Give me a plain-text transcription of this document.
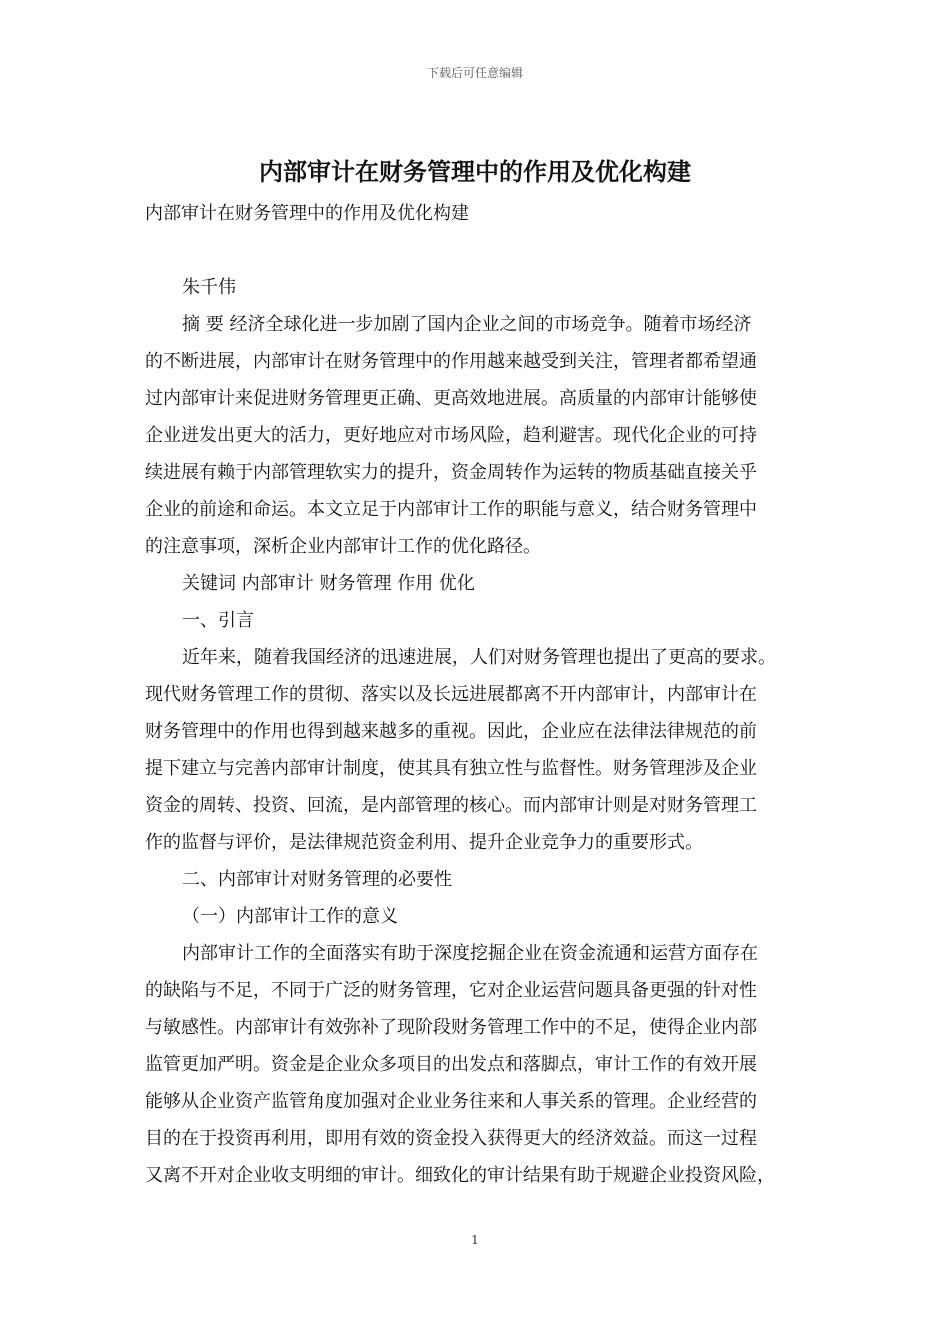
下载后可任意编辑
内部审计在财务管理中的作用及优化构建
内部审计在财务管理中的作用及优化构建
朱千伟
摘 要 经济全球化进一步加剧了国内企业之间的市场竞争。随着市场经济
的不断进展，内部审计在财务管理中的作用越来越受到关注，管理者都希望通
过内部审计来促进财务管理更正确、更高效地进展。高质量的内部审计能够使
企业迸发出更大的活力，更好地应对市场风险，趋利避害。现代化企业的可持
续进展有赖于内部管理软实力的提升，资金周转作为运转的物质基础直接关乎
企业的前途和命运。本文立足于内部审计工作的职能与意义，结合财务管理中
的注意事项，深析企业内部审计工作的优化路径。
关键词 内部审计 财务管理 作用 优化
一、引言
近年来，随着我国经济的迅速进展，人们对财务管理也提出了更高的要求。
现代财务管理工作的贯彻、落实以及长远进展都离不开内部审计，内部审计在
财务管理中的作用也得到越来越多的重视。因此，企业应在法律法律规范的前
提下建立与完善内部审计制度，使其具有独立性与监督性。财务管理涉及企业
资金的周转、投资、回流，是内部管理的核心。而内部审计则是对财务管理工
作的监督与评价，是法律规范资金利用、提升企业竞争力的重要形式。
二、内部审计对财务管理的必要性
（一）内部审计工作的意义
内部审计工作的全面落实有助于深度挖掘企业在资金流通和运营方面存在
的缺陷与不足，不同于广泛的财务管理，它对企业运营问题具备更强的针对性
与敏感性。内部审计有效弥补了现阶段财务管理工作中的不足，使得企业内部
监管更加严明。资金是企业众多项目的出发点和落脚点，审计工作的有效开展
能够从企业资产监管角度加强对企业业务往来和人事关系的管理。企业经营的
目的在于投资再利用，即用有效的资金投入获得更大的经济效益。而这一过程
又离不开对企业收支明细的审计。细致化的审计结果有助于规避企业投资风险，
1
